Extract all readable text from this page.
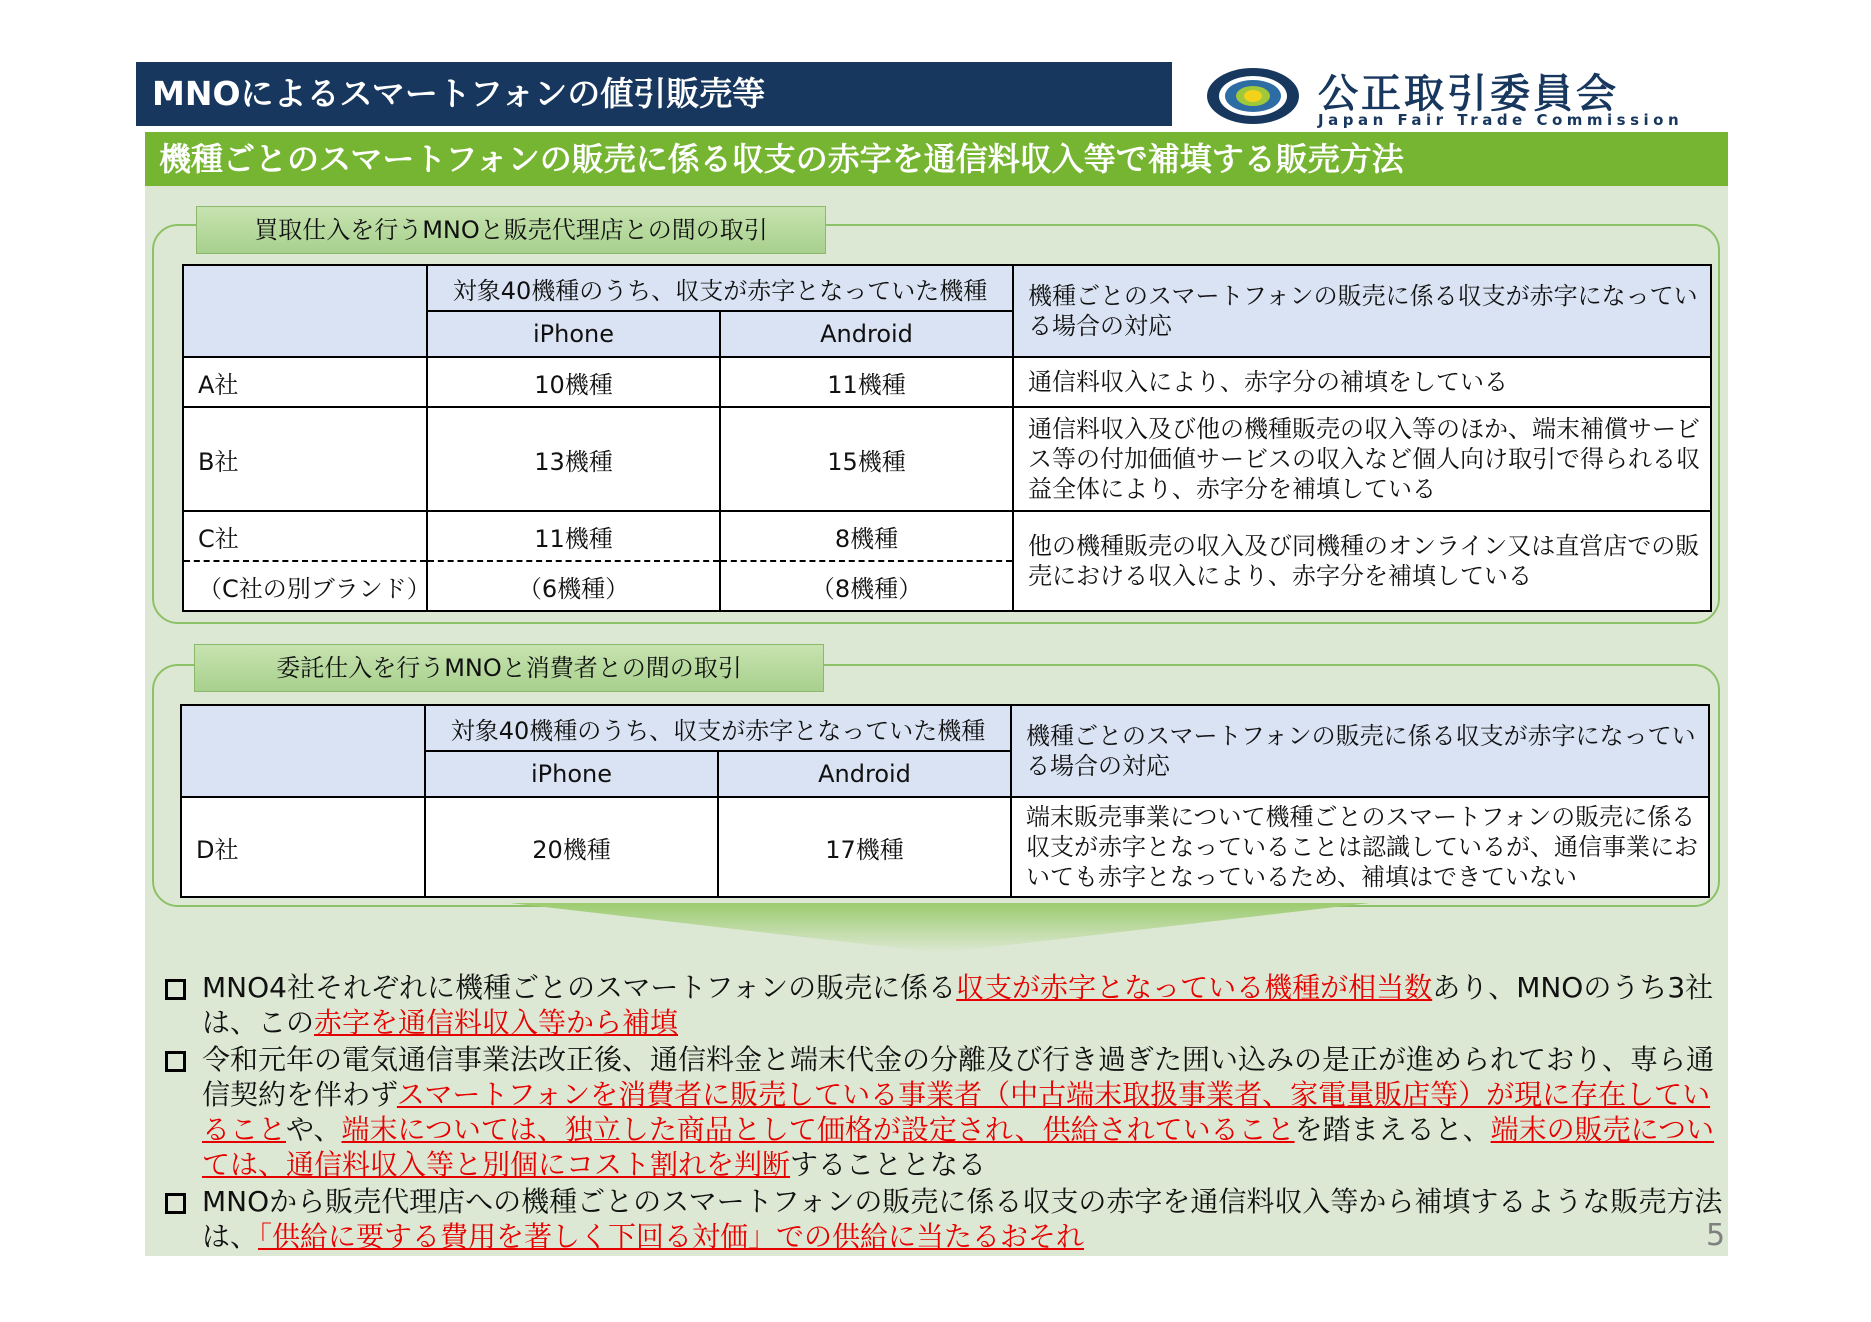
MNOによるスマートフォンの値引販売等	公正取引委員会
Japan Fair Trade Commission
機種ごとのスマートフォンの販売に係る収支の赤字を通信料収入等で補填する販売方法
買取仕入を行うMNOと販売代理店との間の取引
	対象40機種のうち、収支が赤字となっていた機種		機種ごとのスマートフォンの販売に係る収支が赤字になっている場合の対応
	iPhone	Android	
A社	10機種	11機種	通信料収入により、赤字分の補填をしている
B社	13機種	15機種	通信料収入及び他の機種販売の収入等のほか、端末補償サービス等の付加価値サービスの収入など個人向け取引で得られる収益全体により、赤字分を補填している
C社	11機種	8機種	他の機種販売の収入及び同機種のオンライン又は直営店での販売における収入により、赤字分を補填している
（C社の別ブランド）	（6機種）	（8機種）	
委託仕入を行うMNOと消費者との間の取引
	対象40機種のうち、収支が赤字となっていた機種		機種ごとのスマートフォンの販売に係る収支が赤字になっている場合の対応
	iPhone	Android	
D社	20機種	17機種	端末販売事業について機種ごとのスマートフォンの販売に係る収支が赤字となっていることは認識しているが、通信事業においても赤字となっているため、補填はできていない
MNO4社それぞれに機種ごとのスマートフォンの販売に係る収支が赤字となっている機種が相当数あり、MNOのうち3社は、この赤字を通信料収入等から補填
令和元年の電気通信事業法改正後、通信料金と端末代金の分離及び行き過ぎた囲い込みの是正が進められており、専ら通信契約を伴わずスマートフォンを消費者に販売している事業者（中古端末取扱事業者、家電量販店等）が現に存在していることや、端末については、独立した商品として価格が設定され、供給されていることを踏まえると、端末の販売については、通信料収入等と別個にコスト割れを判断することとなる
MNOから販売代理店への機種ごとのスマートフォンの販売に係る収支の赤字を通信料収入等から補填するような販売方法は、「供給に要する費用を著しく下回る対価」での供給に当たるおそれ	5
